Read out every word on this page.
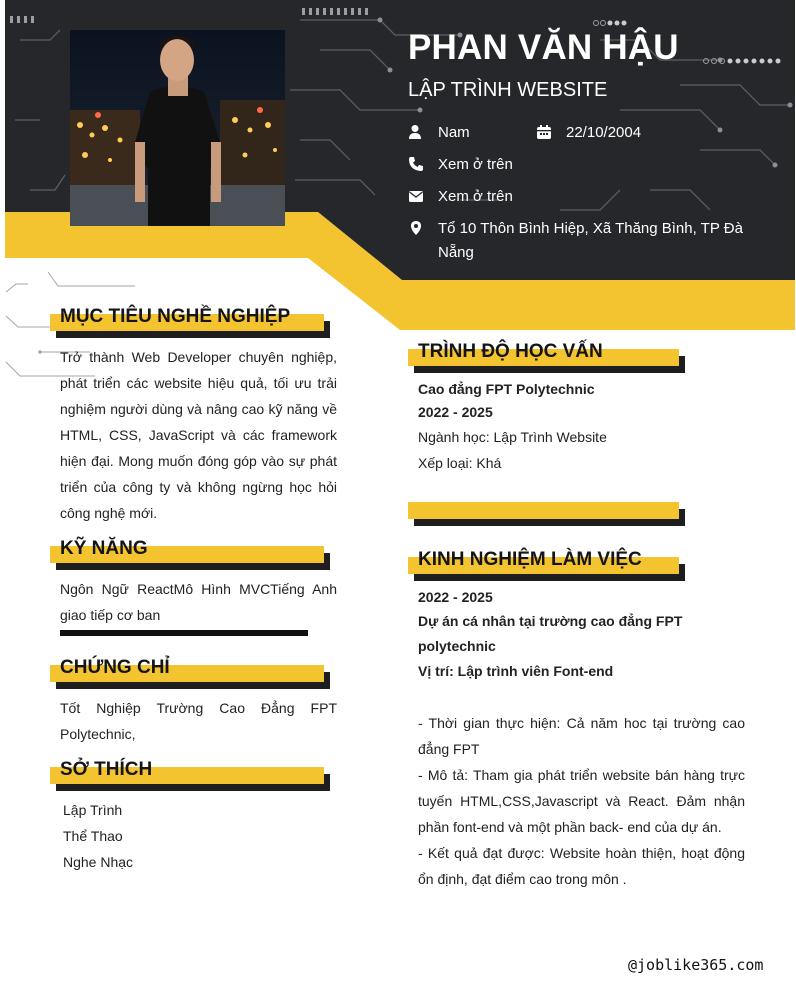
PHAN VĂN HẬU
LẬP TRÌNH WEBSITE
Nam	22/10/2004
Xem ở trên
Xem ở trên
Tổ 10 Thôn Bình Hiệp, Xã Thăng Bình, TP Đà Nẵng
MỤC TIÊU NGHỀ NGHIỆP
Trở thành Web Developer chuyên nghiệp, phát triển các website hiệu quả, tối ưu trải nghiệm người dùng và nâng cao kỹ năng về HTML, CSS, JavaScript và các framework hiện đại. Mong muốn đóng góp vào sự phát triển của công ty và không ngừng học hỏi công nghệ mới.
KỸ NĂNG
Ngôn Ngữ ReactMô Hình MVCTiếng Anh giao tiếp cơ ban
CHỨNG CHỈ
Tốt Nghiệp Trường Cao Đẳng FPT Polytechnic,
SỞ THÍCH
Lập Trình
Thể Thao
Nghe Nhạc
TRÌNH ĐỘ HỌC VẤN
Cao đẳng FPT Polytechnic
2022 - 2025
Ngành học: Lập Trình Website
Xếp loại: Khá
KINH NGHIỆM LÀM VIỆC
2022 - 2025
Dự án cá nhân tại trường cao đẳng FPT polytechnic
Vị trí: Lập trình viên Font-end
- Thời gian thực hiện: Cả năm hoc tại trường cao đẳng FPT
- Mô tả: Tham gia phát triển website bán hàng trực tuyến HTML,CSS,Javascript và React. Đảm nhận phần font-end và một phần back- end của dự án.
- Kết quả đạt được: Website hoàn thiện, hoạt động ổn định, đạt điểm cao trong môn .
@joblike365.com
